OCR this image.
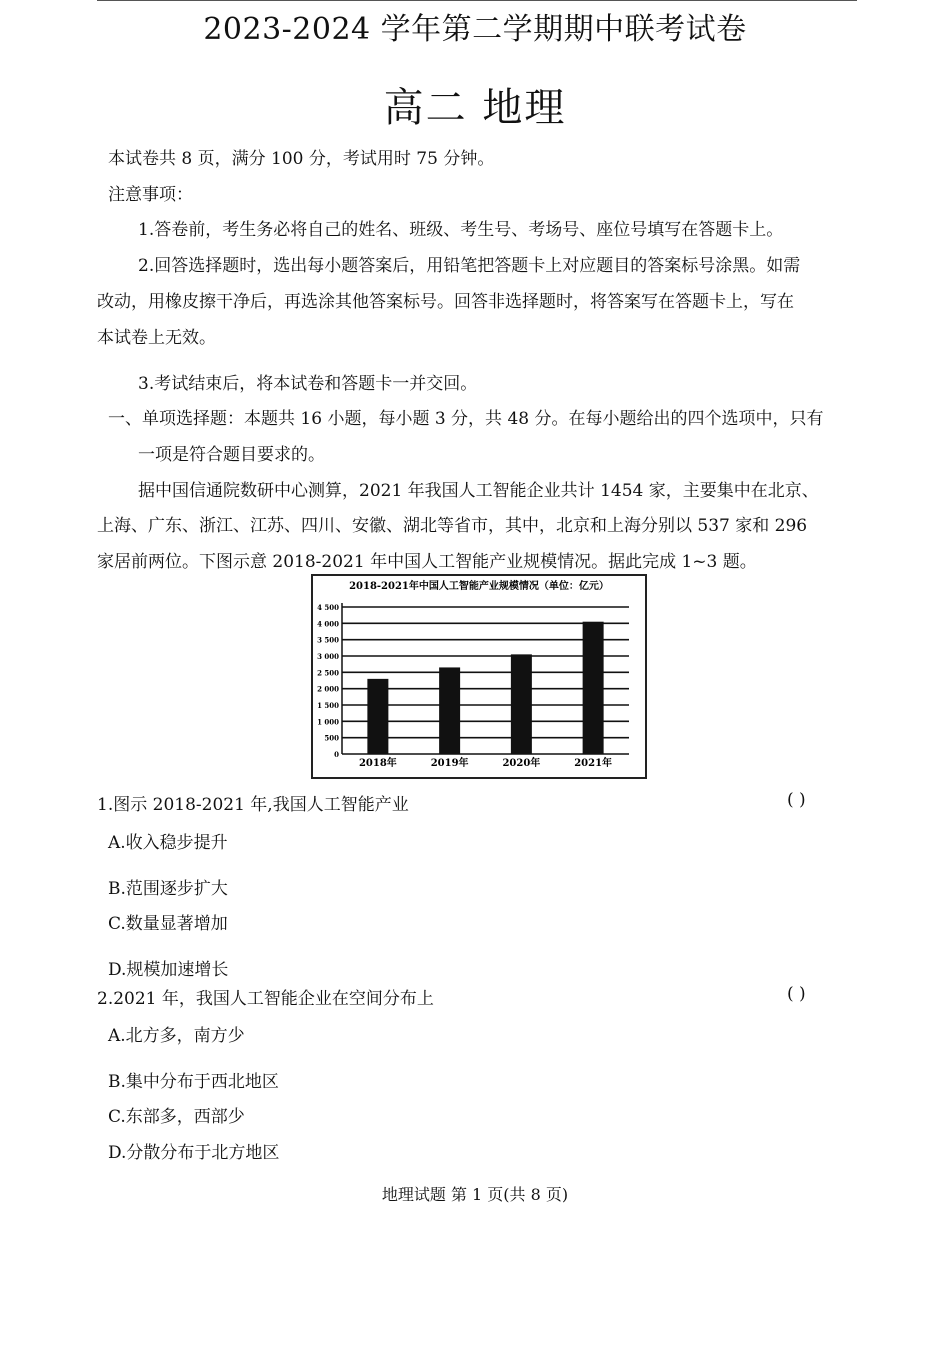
2023-2024 学年第二学期期中联考试卷
高二 地理
本试卷共 8 页，满分 100 分，考试用时 75 分钟。
注意事项：
1.答卷前，考生务必将自己的姓名、班级、考生号、考场号、座位号填写在答题卡上。
2.回答选择题时，选出每小题答案后，用铅笔把答题卡上对应题目的答案标号涂黑。如需
改动，用橡皮擦干净后，再选涂其他答案标号。回答非选择题时，将答案写在答题卡上，写在
本试卷上无效。
3.考试结束后，将本试卷和答题卡一并交回。
一、单项选择题：本题共 16 小题，每小题 3 分，共 48 分。在每小题给出的四个选项中，只有
一项是符合题目要求的。
据中国信通院数研中心测算，2021 年我国人工智能企业共计 1454 家，主要集中在北京、
上海、广东、浙江、江苏、四川、安徽、湖北等省市，其中，北京和上海分别以 537 家和 296
家居前两位。下图示意 2018-2021 年中国人工智能产业规模情况。据此完成 1~3 题。
2018-2021年中国人工智能产业规模情况（单位：亿元）
0
500
1 000
1 500
2 000
2 500
3 000
3 500
4 000
4 500
2018年	2019年	2020年	2021年
1.图示 2018-2021 年,我国人工智能产业	( )
A.收入稳步提升
B.范围逐步扩大
C.数量显著增加
D.规模加速增长
2.2021 年，我国人工智能企业在空间分布上	( )
A.北方多，南方少
B.集中分布于西北地区
C.东部多，西部少
D.分散分布于北方地区
地理试题 第 1 页(共 8 页)
